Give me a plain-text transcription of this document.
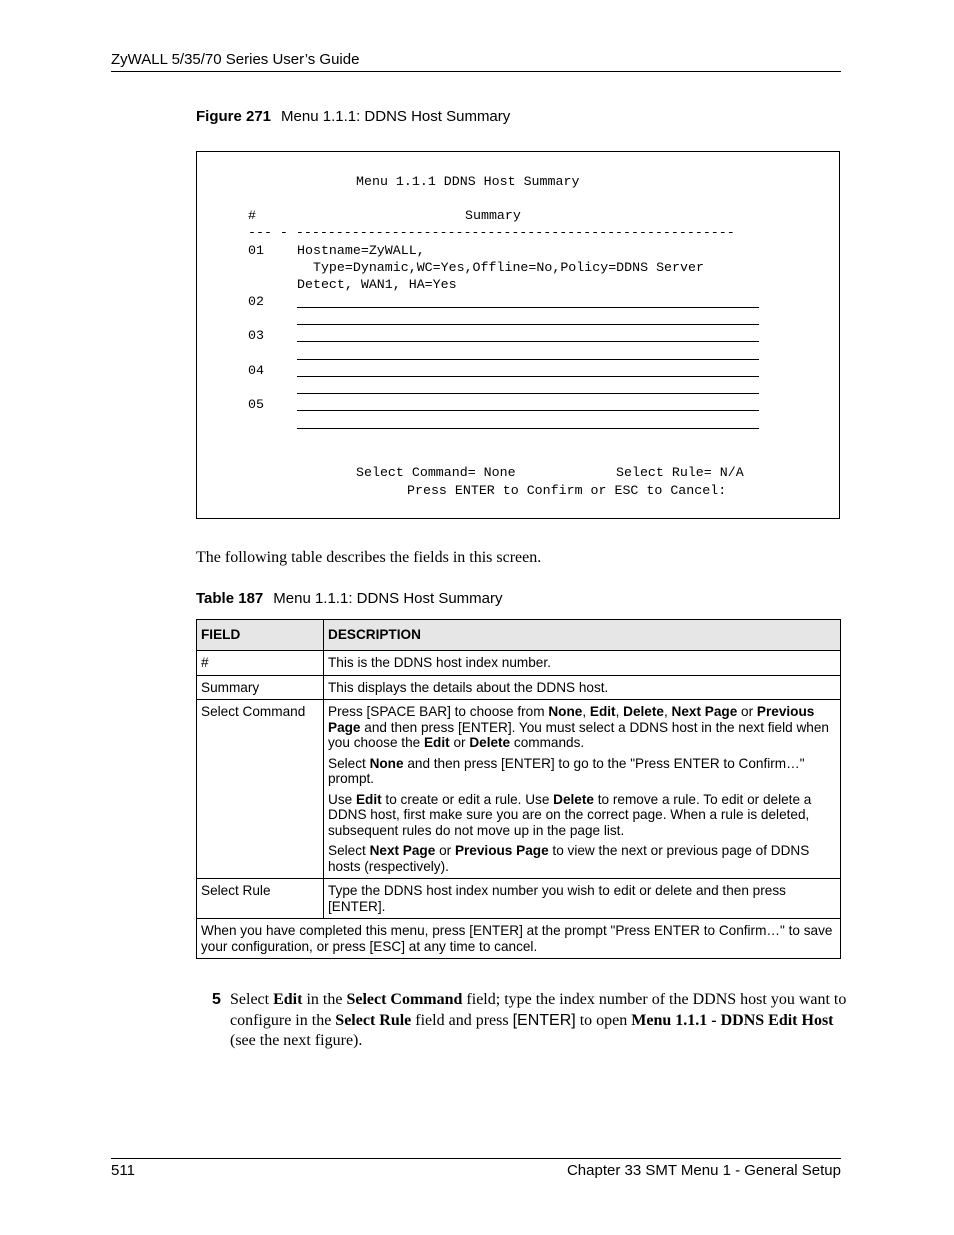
ZyWALL 5/35/70 Series User’s Guide
Figure 271 Menu 1.1.1: DDNS Host Summary
Menu 1.1.1 DDNS Host Summary
#	Summary
--- - -------------------------------------------------------
01 Hostname=ZyWALL,
Type=Dynamic,WC=Yes,Offline=No,Policy=DDNS Server
Detect, WAN1, HA=Yes
02
03
04
05
Select Command= None	Select Rule= N/A
Press ENTER to Confirm or ESC to Cancel:
The following table describes the fields in this screen.
Table 187 Menu 1.1.1: DDNS Host Summary
FIELD	DESCRIPTION
#	This is the DDNS host index number.
Summary	This displays the details about the DDNS host.
Select Command	Press [SPACE BAR] to choose from None, Edit, Delete, Next Page or Previous Page and then press [ENTER]. You must select a DDNS host in the next field when you choose the Edit or Delete commands.

Select None and then press [ENTER] to go to the "Press ENTER to Confirm…" prompt.

Use Edit to create or edit a rule. Use Delete to remove a rule. To edit or delete a DDNS host, first make sure you are on the correct page. When a rule is deleted, subsequent rules do not move up in the page list.

Select Next Page or Previous Page to view the next or previous page of DDNS hosts (respectively).

Select Rule	Type the DDNS host index number you wish to edit or delete and then press [ENTER].
When you have completed this menu, press [ENTER] at the prompt "Press ENTER to Confirm…" to save your configuration, or press [ESC] at any time to cancel.	
5 Select Edit in the Select Command field; type the index number of the DDNS host you want to configure in the Select Rule field and press [ENTER] to open Menu 1.1.1 - DDNS Edit Host (see the next figure).
511	Chapter 33 SMT Menu 1 - General Setup
